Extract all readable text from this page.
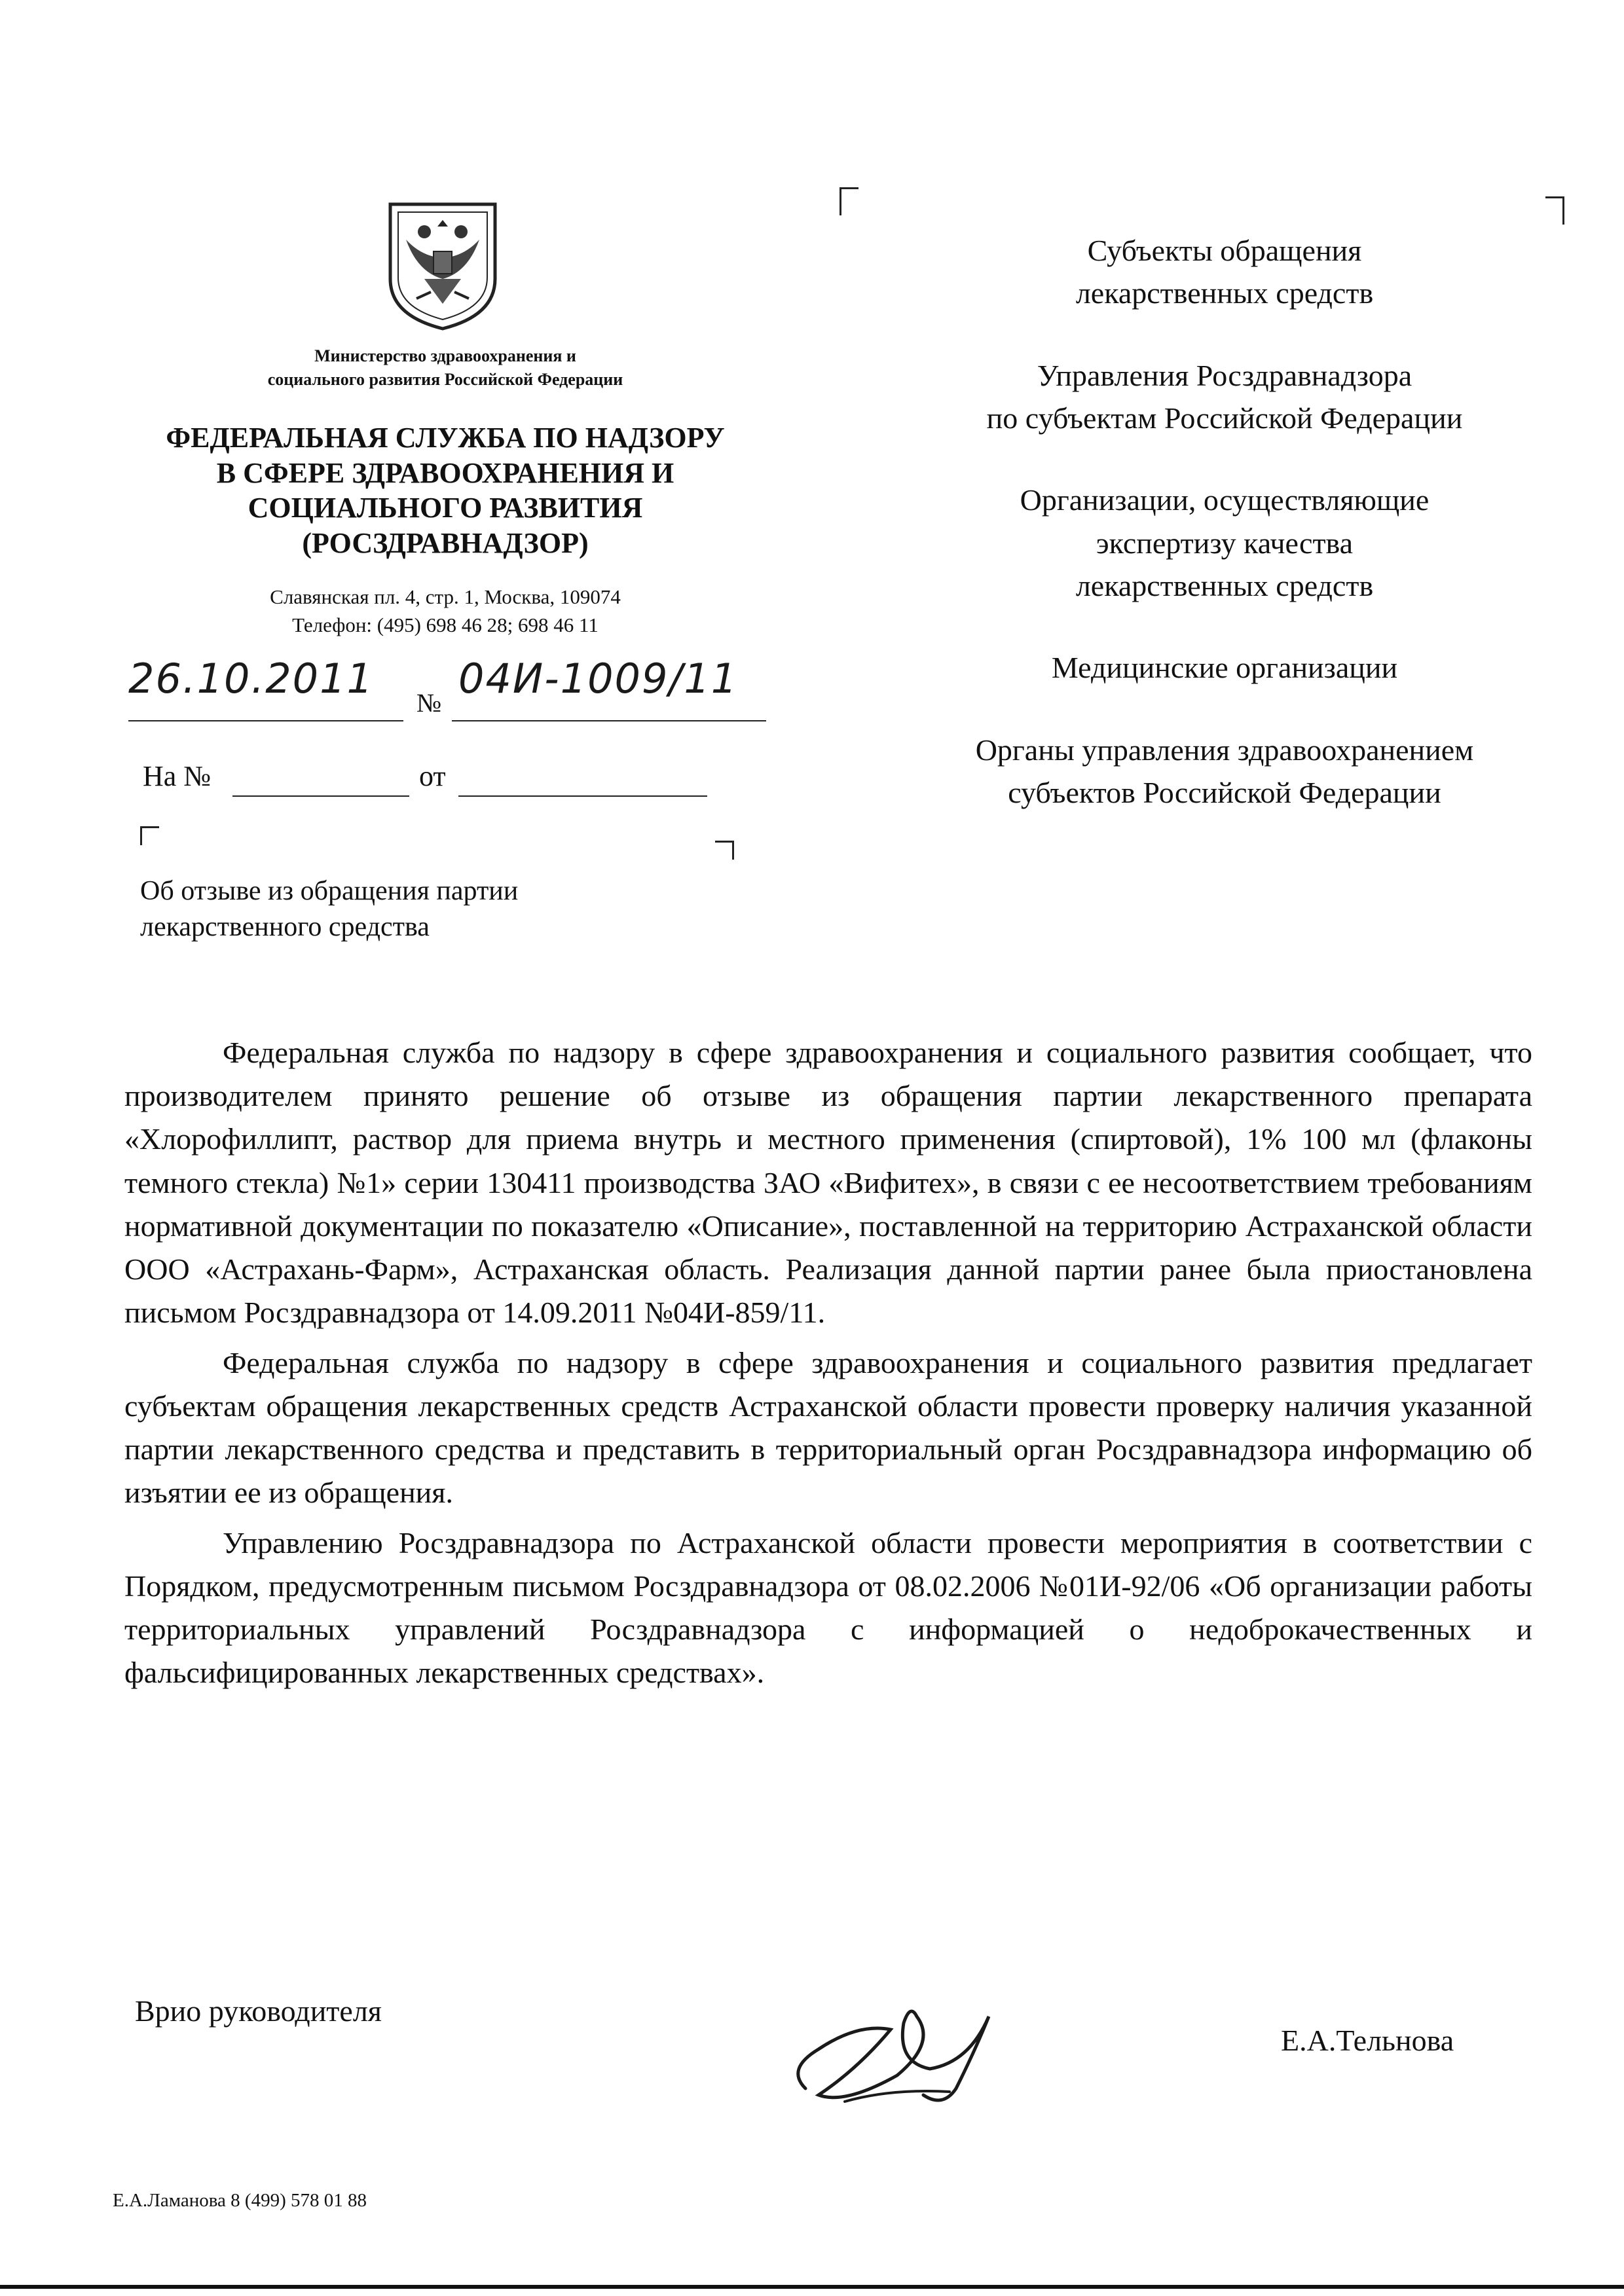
Министерство здравоохранения и
социального развития Российской Федерации
ФЕДЕРАЛЬНАЯ СЛУЖБА ПО НАДЗОРУ
В СФЕРЕ ЗДРАВООХРАНЕНИЯ И
СОЦИАЛЬНОГО РАЗВИТИЯ
(РОСЗДРАВНАДЗОР)
Славянская пл. 4, стр. 1, Москва, 109074
Телефон: (495) 698 46 28; 698 46 11
26.10.2011
№
04И-1009/11
На №	от
Об отзыве из обращения партии
лекарственного средства

Субъекты обращения
лекарственных средств

Управления Росздравнадзора
по субъектам Российской Федерации

Организации, осуществляющие
экспертизу качества
лекарственных средств

Медицинские организации

Органы управления здравоохранением
субъектов Российской Федерации

Федеральная служба по надзору в сфере здравоохранения и социального развития сообщает, что производителем принято решение об отзыве из обращения партии лекарственного препарата «Хлорофиллипт, раствор для приема внутрь и местного применения (спиртовой), 1% 100 мл (флаконы темного стекла) №1» серии 130411 производства ЗАО «Вифитех», в связи с ее несоответствием требованиям нормативной документации по показателю «Описание», поставленной на территорию Астраханской области ООО «Астрахань-Фарм», Астраханская область. Реализация данной партии ранее была приостановлена письмом Росздравнадзора от 14.09.2011 №04И-859/11.

Федеральная служба по надзору в сфере здравоохранения и социального развития предлагает субъектам обращения лекарственных средств Астраханской области провести проверку наличия указанной партии лекарственного средства и представить в территориальный орган Росздравнадзора информацию об изъятии ее из обращения.

Управлению Росздравнадзора по Астраханской области провести мероприятия в соответствии с Порядком, предусмотренным письмом Росздравнадзора от 08.02.2006 №01И-92/06 «Об организации работы территориальных управлений Росздравнадзора с информацией о недоброкачественных и фальсифицированных лекарственных средствах».

Врио руководителя
Е.А.Тельнова
Е.А.Ламанова 8 (499) 578 01 88
